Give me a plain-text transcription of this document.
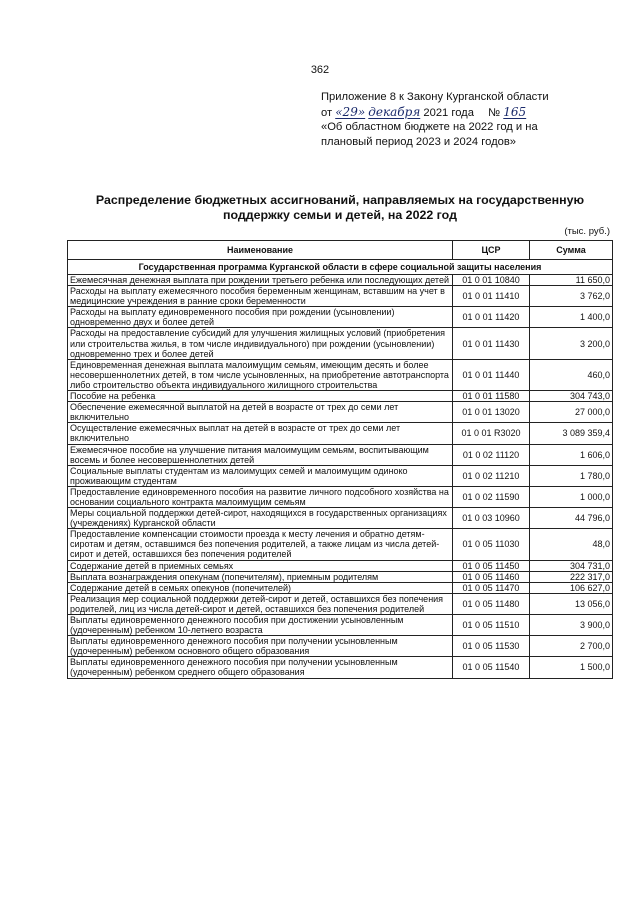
362
Приложение 8 к Закону Курганской области
от «29» декабря 2021 года № 165
«Об областном бюджете на 2022 год и на
плановый период 2023 и 2024 годов»
Распределение бюджетных ассигнований, направляемых на государственную
поддержку семьи и детей, на 2022 год
(тыс. руб.)
Наименование	ЦСР	Сумма
Государственная программа Курганской области в сфере социальной защиты населения		
Ежемесячная денежная выплата при рождении третьего ребенка или последующих детей	01 0 01 10840	11 650,0
Расходы на выплату ежемесячного пособия беременным женщинам, вставшим на учет в медицинские учреждения в ранние сроки беременности	01 0 01 11410	3 762,0
Расходы на выплату единовременного пособия при рождении (усыновлении) одновременно двух и более детей	01 0 01 11420	1 400,0
Расходы на предоставление субсидий для улучшения жилищных условий (приобретения или строительства жилья, в том числе индивидуального) при рождении (усыновлении) одновременно трех и более детей	01 0 01 11430	3 200,0
Единовременная денежная выплата малоимущим семьям, имеющим десять и более несовершеннолетних детей, в том числе усыновленных, на приобретение автотранспорта либо строительство объекта индивидуального жилищного строительства	01 0 01 11440	460,0
Пособие на ребенка	01 0 01 11580	304 743,0
Обеспечение ежемесячной выплатой на детей в возрасте от трех до семи лет включительно	01 0 01 13020	27 000,0
Осуществление ежемесячных выплат на детей в возрасте от трех до семи лет включительно	01 0 01 R3020	3 089 359,4
Ежемесячное пособие на улучшение питания малоимущим семьям, воспитывающим восемь и более несовершеннолетних детей	01 0 02 11120	1 606,0
Социальные выплаты студентам из малоимущих семей и малоимущим одиноко проживающим студентам	01 0 02 11210	1 780,0
Предоставление единовременного пособия на развитие личного подсобного хозяйства на основании социального контракта малоимущим семьям	01 0 02 11590	1 000,0
Меры социальной поддержки детей-сирот, находящихся в государственных организациях (учреждениях) Курганской области	01 0 03 10960	44 796,0
Предоставление компенсации стоимости проезда к месту лечения и обратно детям-сиротам и детям, оставшимся без попечения родителей, а также лицам из числа детей-сирот и детей, оставшихся без попечения родителей	01 0 05 11030	48,0
Содержание детей в приемных семьях	01 0 05 11450	304 731,0
Выплата вознаграждения опекунам (попечителям), приемным родителям	01 0 05 11460	222 317,0
Содержание детей в семьях опекунов (попечителей)	01 0 05 11470	106 627,0
Реализация мер социальной поддержки детей-сирот и детей, оставшихся без попечения родителей, лиц из числа детей-сирот и детей, оставшихся без попечения родителей	01 0 05 11480	13 056,0
Выплаты единовременного денежного пособия при достижении усыновленным (удочеренным) ребенком 10-летнего возраста	01 0 05 11510	3 900,0
Выплаты единовременного денежного пособия при получении усыновленным (удочеренным) ребенком основного общего образования	01 0 05 11530	2 700,0
Выплаты единовременного денежного пособия при получении усыновленным (удочеренным) ребенком среднего общего образования	01 0 05 11540	1 500,0
